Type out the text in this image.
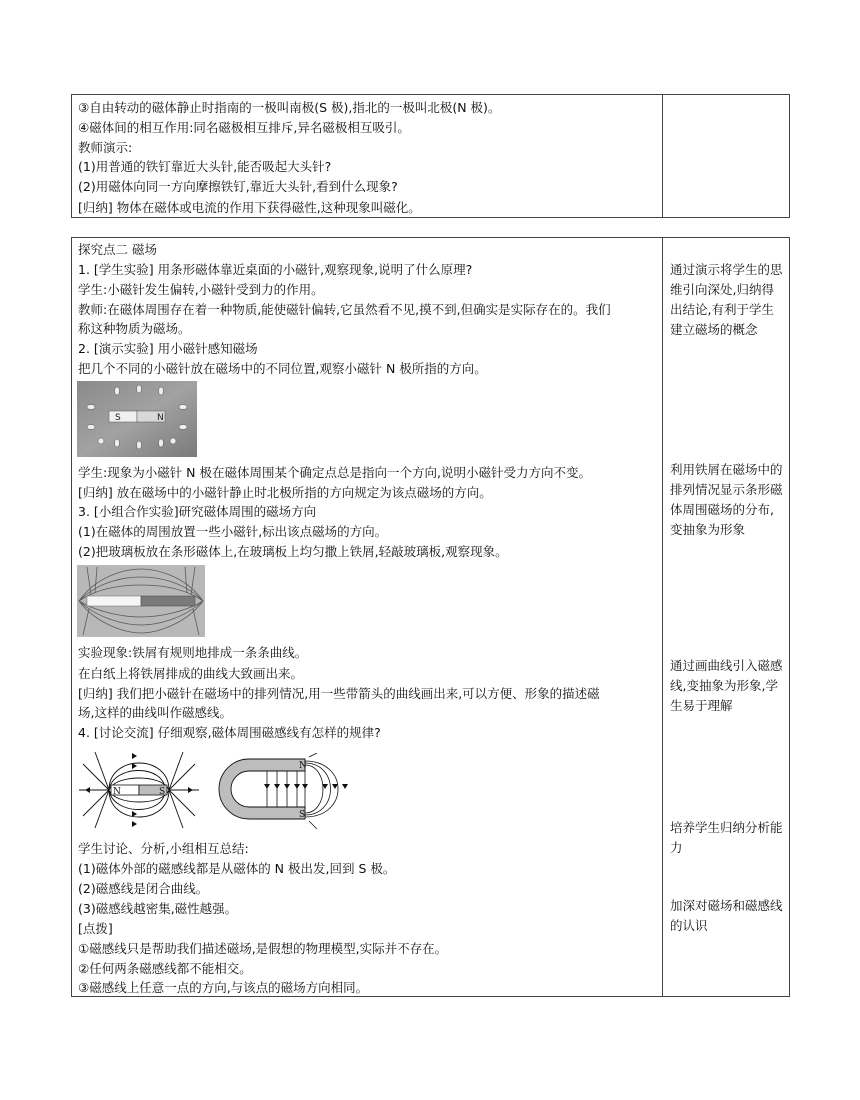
③自由转动的磁体静止时指南的一极叫南极(S 极),指北的一极叫北极(N 极)。
④磁体间的相互作用:同名磁极相互排斥,异名磁极相互吸引。
教师演示:
(1)用普通的铁钉靠近大头针,能否吸起大头针?
(2)用磁体向同一方向摩擦铁钉,靠近大头针,看到什么现象?
[归纳] 物体在磁体或电流的作用下获得磁性,这种现象叫磁化。
探究点二 磁场
1. [学生实验] 用条形磁体靠近桌面的小磁针,观察现象,说明了什么原理?
学生:小磁针发生偏转,小磁针受到力的作用。
教师:在磁体周围存在着一种物质,能使磁针偏转,它虽然看不见,摸不到,但确实是实际存在的。我们
称这种物质为磁场。
2. [演示实验] 用小磁针感知磁场
把几个不同的小磁针放在磁场中的不同位置,观察小磁针 N 极所指的方向。
S	N
学生:现象为小磁针 N 极在磁体周围某个确定点总是指向一个方向,说明小磁针受力方向不变。
[归纳] 放在磁场中的小磁针静止时北极所指的方向规定为该点磁场的方向。
3. [小组合作实验]研究磁体周围的磁场方向
(1)在磁体的周围放置一些小磁针,标出该点磁场的方向。
(2)把玻璃板放在条形磁体上,在玻璃板上均匀撒上铁屑,轻敲玻璃板,观察现象。
实验现象:铁屑有规则地排成一条条曲线。
在白纸上将铁屑排成的曲线大致画出来。
[归纳] 我们把小磁针在磁场中的排列情况,用一些带箭头的曲线画出来,可以方便、形象的描述磁
场,这样的曲线叫作磁感线。
4. [讨论交流] 仔细观察,磁体周围磁感线有怎样的规律?
N	S
N
S
学生讨论、分析,小组相互总结:
(1)磁体外部的磁感线都是从磁体的 N 极出发,回到 S 极。
(2)磁感线是闭合曲线。
(3)磁感线越密集,磁性越强。
[点拨]
①磁感线只是帮助我们描述磁场,是假想的物理模型,实际并不存在。
②任何两条磁感线都不能相交。
③磁感线上任意一点的方向,与该点的磁场方向相同。
通过演示将学生的思维引向深处,归纳得出结论,有利于学生建立磁场的概念
利用铁屑在磁场中的排列情况显示条形磁体周围磁场的分布,变抽象为形象
通过画曲线引入磁感线,变抽象为形象,学生易于理解
培养学生归纳分析能力
加深对磁场和磁感线的认识
